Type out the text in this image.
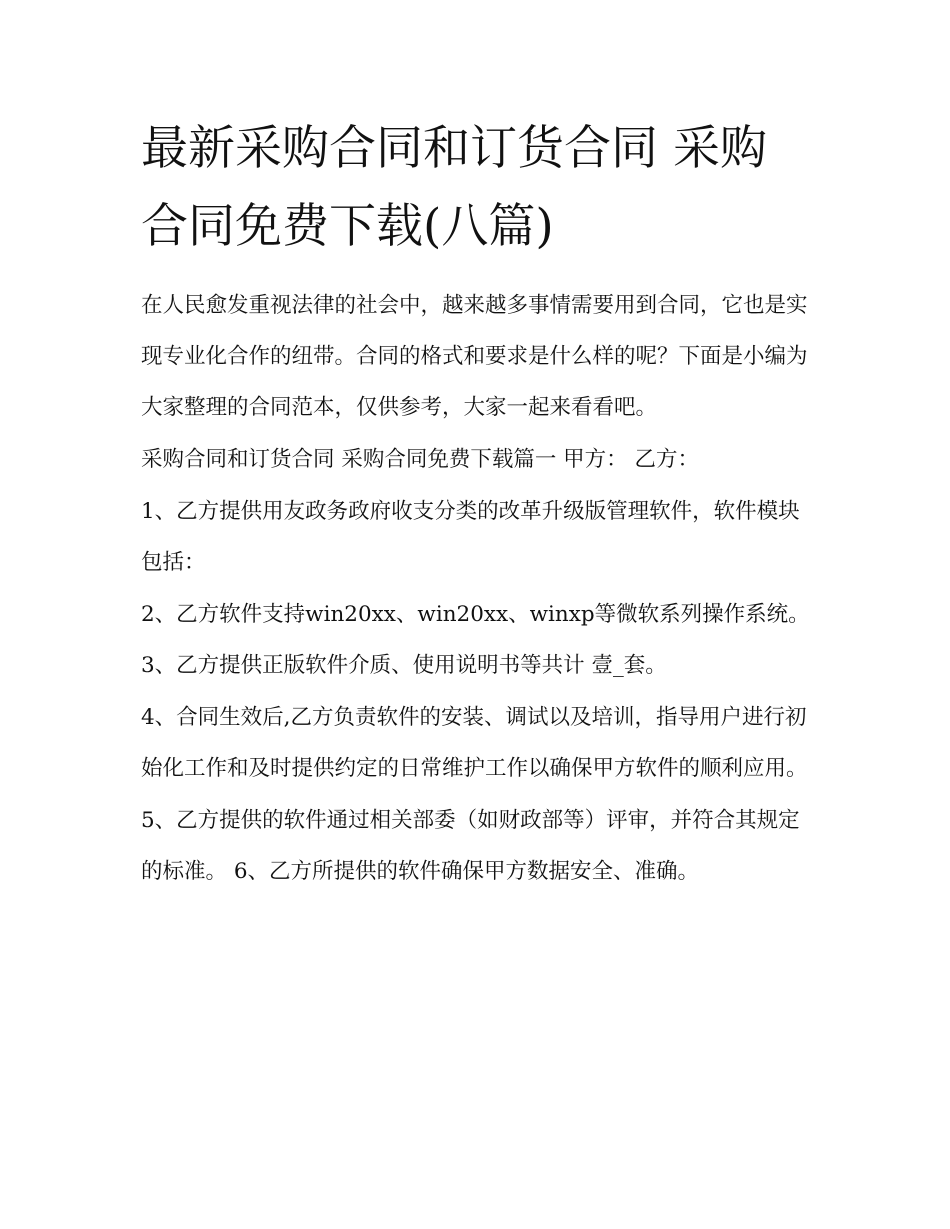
最新采购合同和订货合同 采购合同免费下载(八篇)

在人民愈发重视法律的社会中，越来越多事情需要用到合同，它也是实现专业化合作的纽带。合同的格式和要求是什么样的呢？下面是小编为大家整理的合同范本，仅供参考，大家一起来看看吧。

采购合同和订货合同 采购合同免费下载篇一 甲方： 乙方：

1、乙方提供用友政务政府收支分类的改革升级版管理软件，软件模块包括：

2、乙方软件支持win20xx、win20xx、winxp等微软系列操作系统。 3、乙方提供正版软件介质、使用说明书等共计 壹_套。

4、合同生效后,乙方负责软件的安装、调试以及培训，指导用户进行初始化工作和及时提供约定的日常维护工作以确保甲方软件的顺利应用。

5、乙方提供的软件通过相关部委（如财政部等）评审，并符合其规定的标准。 6、乙方所提供的软件确保甲方数据安全、准确。
